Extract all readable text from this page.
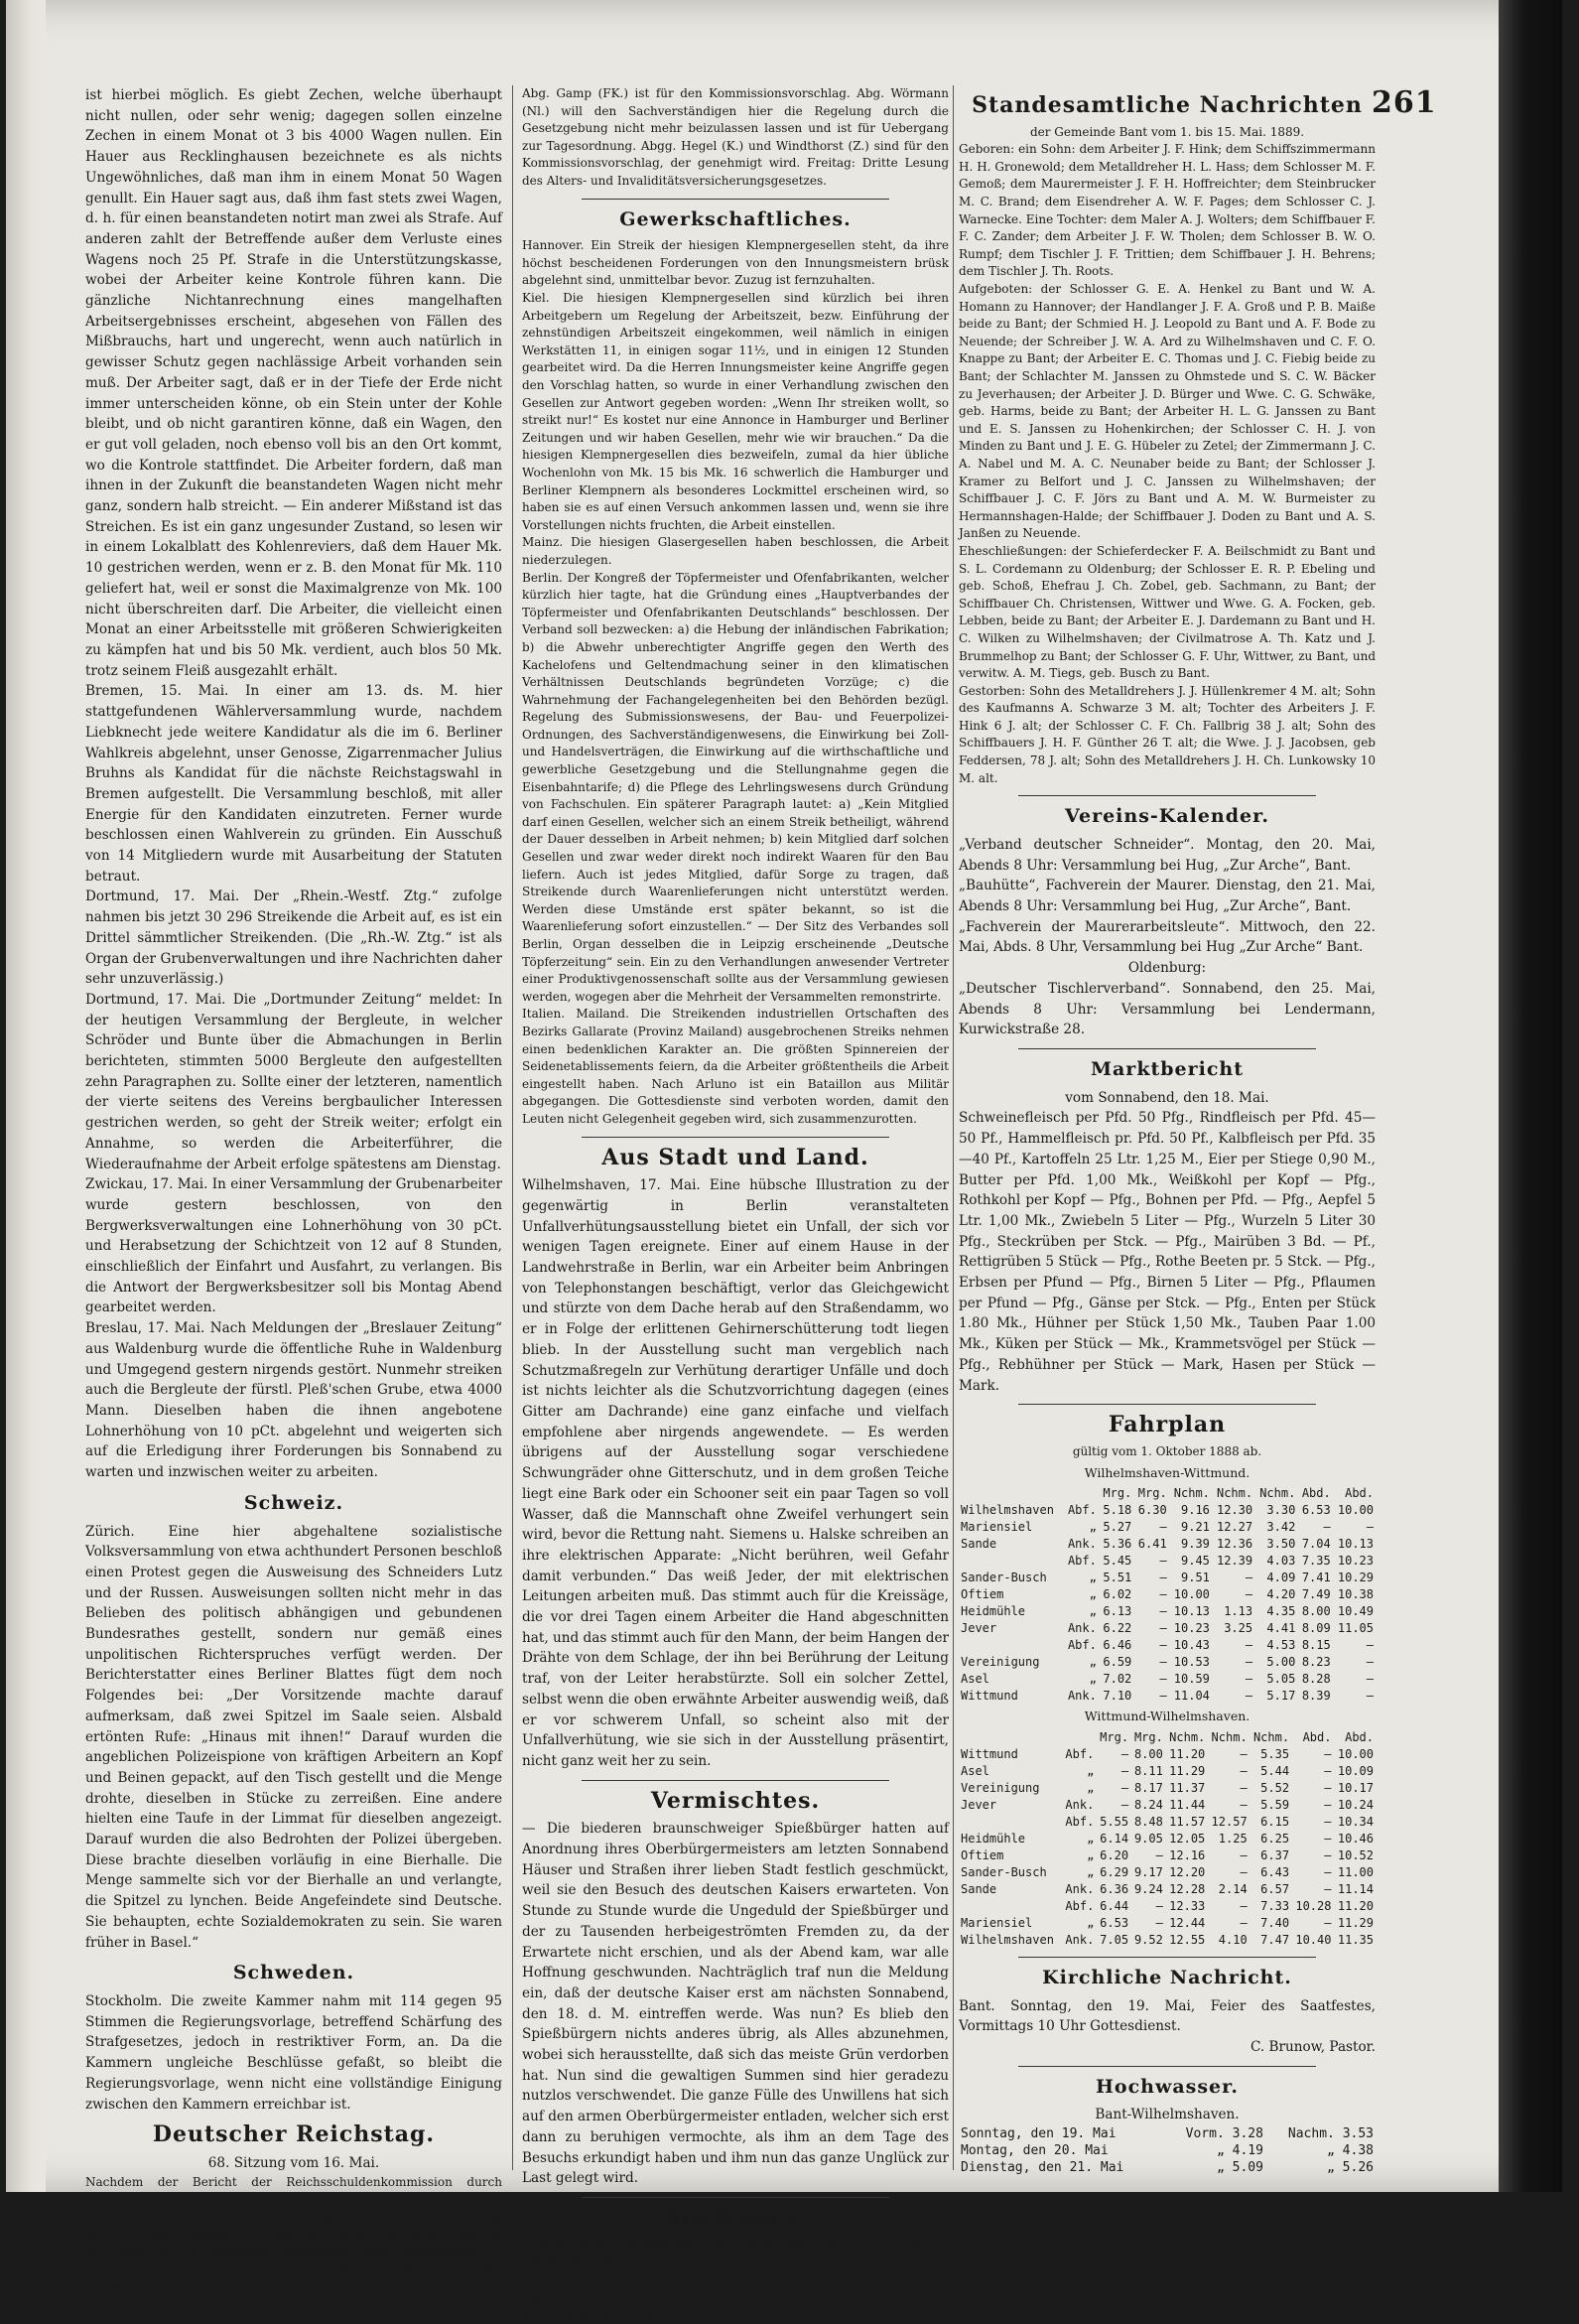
261

ist hierbei möglich. Es giebt Zechen, welche überhaupt nicht nullen, oder sehr wenig; dagegen sollen einzelne Zechen in einem Monat ot 3 bis 4000 Wagen nullen. Ein Hauer aus Recklinghausen bezeichnete es als nichts Ungewöhnliches, daß man ihm in einem Monat 50 Wagen genullt. Ein Hauer sagt aus, daß ihm fast stets zwei Wagen, d. h. für einen beanstandeten notirt man zwei als Strafe. Auf anderen zahlt der Betreffende außer dem Verluste eines Wagens noch 25 Pf. Strafe in die Unterstützungskasse, wobei der Arbeiter keine Kontrole führen kann. Die gänzliche Nichtanrechnung eines mangelhaften Arbeitsergebnisses erscheint, abgesehen von Fällen des Mißbrauchs, hart und ungerecht, wenn auch natürlich in gewisser Schutz gegen nachlässige Arbeit vorhanden sein muß. Der Arbeiter sagt, daß er in der Tiefe der Erde nicht immer unterscheiden könne, ob ein Stein unter der Kohle bleibt, und ob nicht garantiren könne, daß ein Wagen, den er gut voll geladen, noch ebenso voll bis an den Ort kommt, wo die Kontrole stattfindet. Die Arbeiter fordern, daß man ihnen in der Zukunft die beanstandeten Wagen nicht mehr ganz, sondern halb streicht. — Ein anderer Mißstand ist das Streichen. Es ist ein ganz ungesunder Zustand, so lesen wir in einem Lokalblatt des Kohlenreviers, daß dem Hauer Mk. 10 gestrichen werden, wenn er z. B. den Monat für Mk. 110 geliefert hat, weil er sonst die Maximalgrenze von Mk. 100 nicht überschreiten darf. Die Arbeiter, die vielleicht einen Monat an einer Arbeitsstelle mit größeren Schwierigkeiten zu kämpfen hat und bis 50 Mk. verdient, auch blos 50 Mk. trotz seinem Fleiß ausgezahlt erhält.

Bremen, 15. Mai. In einer am 13. ds. M. hier stattgefundenen Wählerversammlung wurde, nachdem Liebknecht jede weitere Kandidatur als die im 6. Berliner Wahlkreis abgelehnt, unser Genosse, Zigarrenmacher Julius Bruhns als Kandidat für die nächste Reichstagswahl in Bremen aufgestellt. Die Versammlung beschloß, mit aller Energie für den Kandidaten einzutreten. Ferner wurde beschlossen einen Wahlverein zu gründen. Ein Ausschuß von 14 Mitgliedern wurde mit Ausarbeitung der Statuten betraut.

Dortmund, 17. Mai. Der „Rhein.-Westf. Ztg.“ zufolge nahmen bis jetzt 30 296 Streikende die Arbeit auf, es ist ein Drittel sämmtlicher Streikenden. (Die „Rh.-W. Ztg.“ ist als Organ der Grubenverwaltungen und ihre Nachrichten daher sehr unzuverlässig.)

Dortmund, 17. Mai. Die „Dortmunder Zeitung“ meldet: In der heutigen Versammlung der Bergleute, in welcher Schröder und Bunte über die Abmachungen in Berlin berichteten, stimmten 5000 Bergleute den aufgestellten zehn Paragraphen zu. Sollte einer der letzteren, namentlich der vierte seitens des Vereins bergbaulicher Interessen gestrichen werden, so geht der Streik weiter; erfolgt ein Annahme, so werden die Arbeiterführer, die Wiederaufnahme der Arbeit erfolge spätestens am Dienstag.

Zwickau, 17. Mai. In einer Versammlung der Grubenarbeiter wurde gestern beschlossen, von den Bergwerksverwaltungen eine Lohnerhöhung von 30 pCt. und Herabsetzung der Schichtzeit von 12 auf 8 Stunden, einschließlich der Einfahrt und Ausfahrt, zu verlangen. Bis die Antwort der Bergwerksbesitzer soll bis Montag Abend gearbeitet werden.

Breslau, 17. Mai. Nach Meldungen der „Breslauer Zeitung“ aus Waldenburg wurde die öffentliche Ruhe in Waldenburg und Umgegend gestern nirgends gestört. Nunmehr streiken auch die Bergleute der fürstl. Pleß'schen Grube, etwa 4000 Mann. Dieselben haben die ihnen angebotene Lohnerhöhung von 10 pCt. abgelehnt und weigerten sich auf die Erledigung ihrer Forderungen bis Sonnabend zu warten und inzwischen weiter zu arbeiten.

Schweiz.

Zürich. Eine hier abgehaltene sozialistische Volksversammlung von etwa achthundert Personen beschloß einen Protest gegen die Ausweisung des Schneiders Lutz und der Russen. Ausweisungen sollten nicht mehr in das Belieben des politisch abhängigen und gebundenen Bundesrathes gestellt, sondern nur gemäß eines unpolitischen Richterspruches verfügt werden. Der Berichterstatter eines Berliner Blattes fügt dem noch Folgendes bei: „Der Vorsitzende machte darauf aufmerksam, daß zwei Spitzel im Saale seien. Alsbald ertönten Rufe: „Hinaus mit ihnen!“ Darauf wurden die angeblichen Polizeispione von kräftigen Arbeitern an Kopf und Beinen gepackt, auf den Tisch gestellt und die Menge drohte, dieselben in Stücke zu zerreißen. Eine andere hielten eine Taufe in der Limmat für dieselben angezeigt. Darauf wurden die also Bedrohten der Polizei übergeben. Diese brachte dieselben vorläufig in eine Bierhalle. Die Menge sammelte sich vor der Bierhalle an und verlangte, die Spitzel zu lynchen. Beide Angefeindete sind Deutsche. Sie behaupten, echte Sozialdemokraten zu sein. Sie waren früher in Basel.“

Schweden.

Stockholm. Die zweite Kammer nahm mit 114 gegen 95 Stimmen die Regierungsvorlage, betreffend Schärfung des Strafgesetzes, jedoch in restriktiver Form, an. Da die Kammern ungleiche Beschlüsse gefaßt, so bleibt die Regierungsvorlage, wenn nicht eine vollständige Einigung zwischen den Kammern erreichbar ist.

Deutscher Reichstag.
68. Sitzung vom 16. Mai.

Nachdem der Bericht der Reichsschuldenkommission durch Ertheilung der Decharge erledigt ist, folgt die Berathung von Petitionen. Die Petition einer Hamburger Firma um Beschränkung der Kaffeeterminhandels in Hamburg wird als Petitionskommission der Regierung zur Erwägung überwiesen. Abg. Goldschmidt (F.) beantragt Uebergang zur Tagesordnung, da man den Kaffeeterminhandel in Deutschland nicht verbieten könne, so lange er im Ausland fortbestehe.

Abg. Gamp (FK.) ist für den Kommissionsvorschlag. Abg. Wörmann (Nl.) will den Sachverständigen hier die Regelung durch die Gesetzgebung nicht mehr beizulassen lassen und ist für Uebergang zur Tagesordnung. Abgg. Hegel (K.) und Windthorst (Z.) sind für den Kommissionsvorschlag, der genehmigt wird. Freitag: Dritte Lesung des Alters- und Invaliditätsversicherungsgesetzes.

Gewerkschaftliches.

Hannover. Ein Streik der hiesigen Klempnergesellen steht, da ihre höchst bescheidenen Forderungen von den Innungsmeistern brüsk abgelehnt sind, unmittelbar bevor. Zuzug ist fernzuhalten.

Kiel. Die hiesigen Klempnergesellen sind kürzlich bei ihren Arbeitgebern um Regelung der Arbeitszeit, bezw. Einführung der zehnstündigen Arbeitszeit eingekommen, weil nämlich in einigen Werkstätten 11, in einigen sogar 11½, und in einigen 12 Stunden gearbeitet wird. Da die Herren Innungsmeister keine Angriffe gegen den Vorschlag hatten, so wurde in einer Verhandlung zwischen den Gesellen zur Antwort gegeben worden: „Wenn Ihr streiken wollt, so streikt nur!“ Es kostet nur eine Annonce in Hamburger und Berliner Zeitungen und wir haben Gesellen, mehr wie wir brauchen.“ Da die hiesigen Klempnergesellen dies bezweifeln, zumal da hier übliche Wochenlohn von Mk. 15 bis Mk. 16 schwerlich die Hamburger und Berliner Klempnern als besonderes Lockmittel erscheinen wird, so haben sie es auf einen Versuch ankommen lassen und, wenn sie ihre Vorstellungen nichts fruchten, die Arbeit einstellen.

Mainz. Die hiesigen Glasergesellen haben beschlossen, die Arbeit niederzulegen.

Berlin. Der Kongreß der Töpfermeister und Ofenfabrikanten, welcher kürzlich hier tagte, hat die Gründung eines „Hauptverbandes der Töpfermeister und Ofenfabrikanten Deutschlands“ beschlossen. Der Verband soll bezwecken: a) die Hebung der inländischen Fabrikation; b) die Abwehr unberechtigter Angriffe gegen den Werth des Kachelofens und Geltendmachung seiner in den klimatischen Verhältnissen Deutschlands begründeten Vorzüge; c) die Wahrnehmung der Fachangelegenheiten bei den Behörden bezügl. Regelung des Submissionswesens, der Bau- und Feuerpolizei-Ordnungen, des Sachverständigenwesens, die Einwirkung bei Zoll- und Handelsverträgen, die Einwirkung auf die wirthschaftliche und gewerbliche Gesetzgebung und die Stellungnahme gegen die Eisenbahntarife; d) die Pflege des Lehrlingswesens durch Gründung von Fachschulen. Ein späterer Paragraph lautet: a) „Kein Mitglied darf einen Gesellen, welcher sich an einem Streik betheiligt, während der Dauer desselben in Arbeit nehmen; b) kein Mitglied darf solchen Gesellen und zwar weder direkt noch indirekt Waaren für den Bau liefern. Auch ist jedes Mitglied, dafür Sorge zu tragen, daß Streikende durch Waarenlieferungen nicht unterstützt werden. Werden diese Umstände erst später bekannt, so ist die Waarenlieferung sofort einzustellen.“ — Der Sitz des Verbandes soll Berlin, Organ desselben die in Leipzig erscheinende „Deutsche Töpferzeitung“ sein. Ein zu den Verhandlungen anwesender Vertreter einer Produktivgenossenschaft sollte aus der Versammlung gewiesen werden, wogegen aber die Mehrheit der Versammelten remonstrirte.

Italien. Mailand. Die Streikenden industriellen Ortschaften des Bezirks Gallarate (Provinz Mailand) ausgebrochenen Streiks nehmen einen bedenklichen Karakter an. Die größten Spinnereien der Seidenetablissements feiern, da die Arbeiter größtentheils die Arbeit eingestellt haben. Nach Arluno ist ein Bataillon aus Militär abgegangen. Die Gottesdienste sind verboten worden, damit den Leuten nicht Gelegenheit gegeben wird, sich zusammenzurotten.

Aus Stadt und Land.

Wilhelmshaven, 17. Mai. Eine hübsche Illustration zu der gegenwärtig in Berlin veranstalteten Unfallverhütungsausstellung bietet ein Unfall, der sich vor wenigen Tagen ereignete. Einer auf einem Hause in der Landwehrstraße in Berlin, war ein Arbeiter beim Anbringen von Telephonstangen beschäftigt, verlor das Gleichgewicht und stürzte von dem Dache herab auf den Straßendamm, wo er in Folge der erlittenen Gehirnerschütterung todt liegen blieb. In der Ausstellung sucht man vergeblich nach Schutzmaßregeln zur Verhütung derartiger Unfälle und doch ist nichts leichter als die Schutzvorrichtung dagegen (eines Gitter am Dachrande) eine ganz einfache und vielfach empfohlene aber nirgends angewendete. — Es werden übrigens auf der Ausstellung sogar verschiedene Schwungräder ohne Gitterschutz, und in dem großen Teiche liegt eine Bark oder ein Schooner seit ein paar Tagen so voll Wasser, daß die Mannschaft ohne Zweifel verhungert sein wird, bevor die Rettung naht. Siemens u. Halske schreiben an ihre elektrischen Apparate: „Nicht berühren, weil Gefahr damit verbunden.“ Das weiß Jeder, der mit elektrischen Leitungen arbeiten muß. Das stimmt auch für die Kreissäge, die vor drei Tagen einem Arbeiter die Hand abgeschnitten hat, und das stimmt auch für den Mann, der beim Hangen der Drähte von dem Schlage, der ihn bei Berührung der Leitung traf, von der Leiter herabstürzte. Soll ein solcher Zettel, selbst wenn die oben erwähnte Arbeiter auswendig weiß, daß er vor schwerem Unfall, so scheint also mit der Unfallverhütung, wie sie sich in der Ausstellung präsentirt, nicht ganz weit her zu sein.

Vermischtes.

— Die biederen braunschweiger Spießbürger hatten auf Anordnung ihres Oberbürgermeisters am letzten Sonnabend Häuser und Straßen ihrer lieben Stadt festlich geschmückt, weil sie den Besuch des deutschen Kaisers erwarteten. Von Stunde zu Stunde wurde die Ungeduld der Spießbürger und der zu Tausenden herbeigeströmten Fremden zu, da der Erwartete nicht erschien, und als der Abend kam, war alle Hoffnung geschwunden. Nachträglich traf nun die Meldung ein, daß der deutsche Kaiser erst am nächsten Sonnabend, den 18. d. M. eintreffen werde. Was nun? Es blieb den Spießbürgern nichts anderes übrig, als Alles abzunehmen, wobei sich herausstellte, daß sich das meiste Grün verdorben hat. Nun sind die gewaltigen Summen sind hier geradezu nutzlos verschwendet. Die ganze Fülle des Unwillens hat sich auf den armen Oberbürgermeister entladen, welcher sich erst dann zu beruhigen vermochte, als ihm an dem Tage des Besuchs erkundigt haben und ihm nun das ganze Unglück zur Last gelegt wird.

Briefkasten.

F. Bant. In dem Punkte haben Sie Recht, daß man an Herumwerfen mit Kraftworten jemandem den Schwächling erkennt. Im Uebrigen sind Sie aber im Unrecht. Wir hatten vorausgesetzt, daß Verstand bei Ihnen so wäre, daß man Sie nicht in die mißliche Lage kommen, den Verstand zu verlieren.

Standesamtliche Nachrichten
der Gemeinde Bant vom 1. bis 15. Mai. 1889.

Geboren: ein Sohn: dem Arbeiter J. F. Hink; dem Schiffszimmermann H. H. Gronewold; dem Metalldreher H. L. Hass; dem Schlosser M. F. Gemoß; dem Maurermeister J. F. H. Hoffreichter; dem Steinbrucker M. C. Brand; dem Eisendreher A. W. F. Pages; dem Schlosser C. J. Warnecke. Eine Tochter: dem Maler A. J. Wolters; dem Schiffbauer F. F. C. Zander; dem Arbeiter J. F. W. Tholen; dem Schlosser B. W. O. Rumpf; dem Tischler J. F. Trittien; dem Schiffbauer J. H. Behrens; dem Tischler J. Th. Roots.

Aufgeboten: der Schlosser G. E. A. Henkel zu Bant und W. A. Homann zu Hannover; der Handlanger J. F. A. Groß und P. B. Maiße beide zu Bant; der Schmied H. J. Leopold zu Bant und A. F. Bode zu Neuende; der Schreiber J. W. A. Ard zu Wilhelmshaven und C. F. O. Knappe zu Bant; der Arbeiter E. C. Thomas und J. C. Fiebig beide zu Bant; der Schlachter M. Janssen zu Ohmstede und S. C. W. Bäcker zu Jeverhausen; der Arbeiter J. D. Bürger und Wwe. C. G. Schwäke, geb. Harms, beide zu Bant; der Arbeiter H. L. G. Janssen zu Bant und E. S. Janssen zu Hohenkirchen; der Schlosser C. H. J. von Minden zu Bant und J. E. G. Hübeler zu Zetel; der Zimmermann J. C. A. Nabel und M. A. C. Neunaber beide zu Bant; der Schlosser J. Kramer zu Belfort und J. C. Janssen zu Wilhelmshaven; der Schiffbauer J. C. F. Jörs zu Bant und A. M. W. Burmeister zu Hermannshagen-Halde; der Schiffbauer J. Doden zu Bant und A. S. Janßen zu Neuende.

Eheschließungen: der Schieferdecker F. A. Beilschmidt zu Bant und S. L. Cordemann zu Oldenburg; der Schlosser E. R. P. Ebeling und geb. Schoß, Ehefrau J. Ch. Zobel, geb. Sachmann, zu Bant; der Schiffbauer Ch. Christensen, Wittwer und Wwe. G. A. Focken, geb. Lebben, beide zu Bant; der Arbeiter E. J. Dardemann zu Bant und H. C. Wilken zu Wilhelmshaven; der Civilmatrose A. Th. Katz und J. Brummelhop zu Bant; der Schlosser G. F. Uhr, Wittwer, zu Bant, und verwitw. A. M. Tiegs, geb. Busch zu Bant.

Gestorben: Sohn des Metalldrehers J. J. Hüllenkremer 4 M. alt; Sohn des Kaufmanns A. Schwarze 3 M. alt; Tochter des Arbeiters J. F. Hink 6 J. alt; der Schlosser C. F. Ch. Fallbrig 38 J. alt; Sohn des Schiffbauers J. H. F. Günther 26 T. alt; die Wwe. J. J. Jacobsen, geb Feddersen, 78 J. alt; Sohn des Metalldrehers J. H. Ch. Lunkowsky 10 M. alt.

Vereins-Kalender.

„Verband deutscher Schneider“. Montag, den 20. Mai, Abends 8 Uhr: Versammlung bei Hug, „Zur Arche“, Bant.

„Bauhütte“, Fachverein der Maurer. Dienstag, den 21. Mai, Abends 8 Uhr: Versammlung bei Hug, „Zur Arche“, Bant.

„Fachverein der Maurerarbeitsleute“. Mittwoch, den 22. Mai, Abds. 8 Uhr, Versammlung bei Hug „Zur Arche“ Bant.

Oldenburg:

„Deutscher Tischlerverband“. Sonnabend, den 25. Mai, Abends 8 Uhr: Versammlung bei Lendermann, Kurwickstraße 28.

Marktbericht
vom Sonnabend, den 18. Mai.

Schweinefleisch per Pfd. 50 Pfg., Rindfleisch per Pfd. 45—50 Pf., Hammelfleisch pr. Pfd. 50 Pf., Kalbfleisch per Pfd. 35—40 Pf., Kartoffeln 25 Ltr. 1,25 M., Eier per Stiege 0,90 M., Butter per Pfd. 1,00 Mk., Weißkohl per Kopf — Pfg., Rothkohl per Kopf — Pfg., Bohnen per Pfd. — Pfg., Aepfel 5 Ltr. 1,00 Mk., Zwiebeln 5 Liter — Pfg., Wurzeln 5 Liter 30 Pfg., Steckrüben per Stck. — Pfg., Mairüben 3 Bd. — Pf., Rettigrüben 5 Stück — Pfg., Rothe Beeten pr. 5 Stck. — Pfg., Erbsen per Pfund — Pfg., Birnen 5 Liter — Pfg., Pflaumen per Pfund — Pfg., Gänse per Stck. — Pfg., Enten per Stück 1.80 Mk., Hühner per Stück 1,50 Mk., Tauben Paar 1.00 Mk., Küken per Stück — Mk., Krammetsvögel per Stück — Pfg., Rebhühner per Stück — Mark, Hasen per Stück — Mark.

Fahrplan
gültig vom 1. Oktober 1888 ab.
Wilhelmshaven-Wittmund.
		Mrg.	Mrg.	Nchm.	Nchm.	Nchm.	Abd.	Abd.
Wilhelmshaven	Abf.	5.18	6.30	9.16	12.30	3.30	6.53	10.00
Mariensiel	„	5.27	—	9.21	12.27	3.42	—	—
Sande	Ank.	5.36	6.41	9.39	12.36	3.50	7.04	10.13
	Abf.	5.45	—	9.45	12.39	4.03	7.35	10.23
Sander-Busch	„	5.51	—	9.51	—	4.09	7.41	10.29
Oftiem	„	6.02	—	10.00	—	4.20	7.49	10.38
Heidmühle	„	6.13	—	10.13	1.13	4.35	8.00	10.49
Jever	Ank.	6.22	—	10.23	3.25	4.41	8.09	11.05
	Abf.	6.46	—	10.43	—	4.53	8.15	—
Vereinigung	„	6.59	—	10.53	—	5.00	8.23	—
Asel	„	7.02	—	10.59	—	5.05	8.28	—
Wittmund	Ank.	7.10	—	11.04	—	5.17	8.39	—
Wittmund-Wilhelmshaven.
		Mrg.	Mrg.	Nchm.	Nchm.	Nchm.	Abd.	Abd.
Wittmund	Abf.	—	8.00	11.20	—	5.35	—	10.00
Asel	„	—	8.11	11.29	—	5.44	—	10.09
Vereinigung	„	—	8.17	11.37	—	5.52	—	10.17
Jever	Ank.	—	8.24	11.44	—	5.59	—	10.24
	Abf.	5.55	8.48	11.57	12.57	6.15	—	10.34
Heidmühle	„	6.14	9.05	12.05	1.25	6.25	—	10.46
Oftiem	„	6.20	—	12.16	—	6.37	—	10.52
Sander-Busch	„	6.29	9.17	12.20	—	6.43	—	11.00
Sande	Ank.	6.36	9.24	12.28	2.14	6.57	—	11.14
	Abf.	6.44	—	12.33	—	7.33	10.28	11.20
Mariensiel	„	6.53	—	12.44	—	7.40	—	11.29
Wilhelmshaven	Ank.	7.05	9.52	12.55	4.10	7.47	10.40	11.35
Kirchliche Nachricht.

Bant. Sonntag, den 19. Mai, Feier des Saatfestes, Vormittags 10 Uhr Gottesdienst.

C. Brunow, Pastor.
Hochwasser.
Bant-Wilhelmshaven.
Sonntag, den 19. Mai	Vorm. 3.28	Nachm. 3.53
Montag, den 20. Mai	„ 4.19	„ 4.38
Dienstag, den 21. Mai	„ 5.09	„ 5.26
